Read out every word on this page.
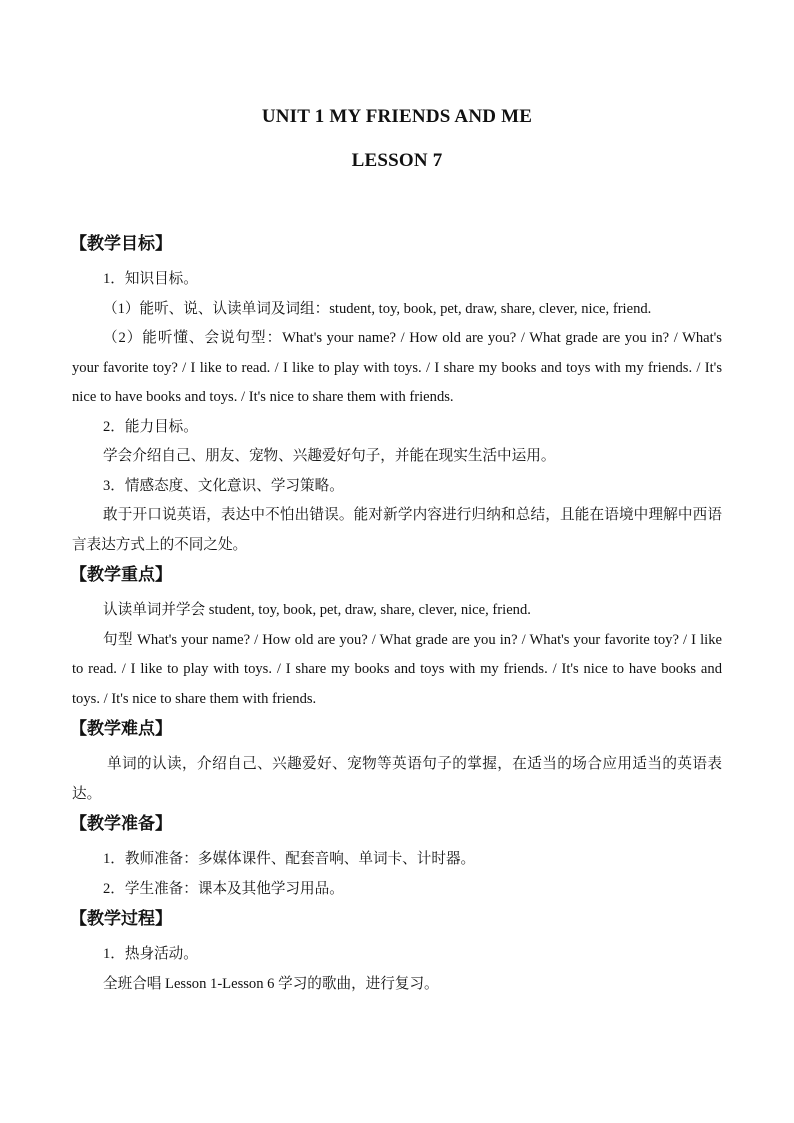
UNIT 1 MY FRIENDS AND ME
LESSON 7
【教学目标】

1．知识目标。

（1）能听、说、认读单词及词组：student, toy, book, pet, draw, share, clever, nice, friend.

（2）能听懂、会说句型：What's your name? / How old are you? / What grade are you in? / What's your favorite toy? / I like to read. / I like to play with toys. / I share my books and toys with my friends. / It's nice to have books and toys. / It's nice to share them with friends.

2．能力目标。

学会介绍自己、朋友、宠物、兴趣爱好句子，并能在现实生活中运用。

3．情感态度、文化意识、学习策略。

敢于开口说英语，表达中不怕出错误。能对新学内容进行归纳和总结，且能在语境中理解中西语言表达方式上的不同之处。

【教学重点】

认读单词并学会 student, toy, book, pet, draw, share, clever, nice, friend.

句型 What's your name? / How old are you? / What grade are you in? / What's your favorite toy? / I like to read. / I like to play with toys. / I share my books and toys with my friends. / It's nice to have books and toys. / It's nice to share them with friends.

【教学难点】

单词的认读，介绍自己、兴趣爱好、宠物等英语句子的掌握，在适当的场合应用适当的英语表达。

【教学准备】

1．教师准备：多媒体课件、配套音响、单词卡、计时器。

2．学生准备：课本及其他学习用品。

【教学过程】

1．热身活动。

全班合唱 Lesson 1-Lesson 6 学习的歌曲，进行复习。
